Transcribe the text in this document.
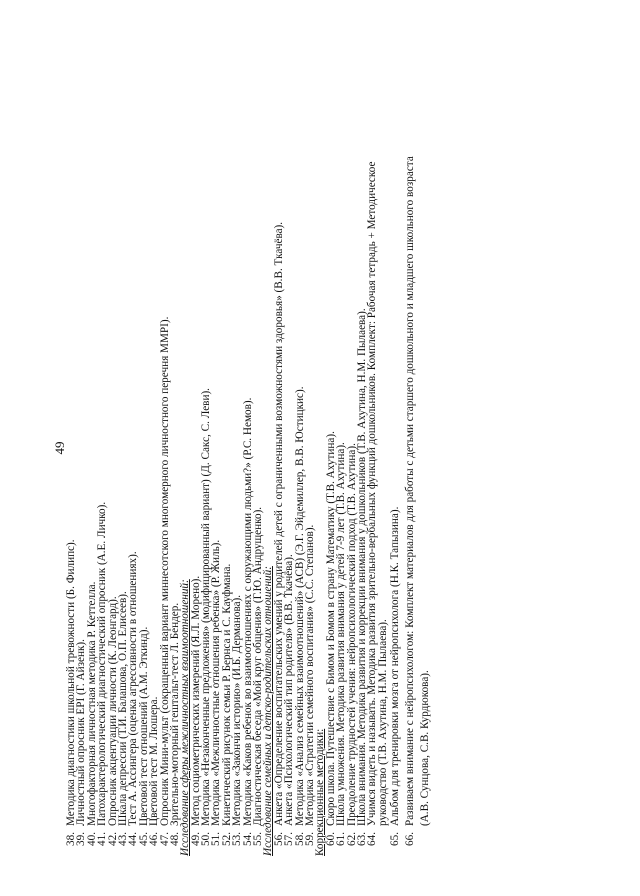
49
38.
Методика диагностики школьной тревожности (Б. Филипс).
39.
Личностный опросник EPI (Г. Айзенк).
40.
Многофакторная личностная методика Р. Кеттелла.
41.
Патохарактерологический диагностический опросник (А.Е. Личко).
42.
Опросник акцентуации личности (К. Леонгард).
43.
Шкала депрессии (Т.И. Балашова, О.П. Елисеев).
44.
Тест А. Ассингера (оценка агрессивности в отношениях).
45.
Цветовой тест отношений (А.М. Эткинд).
46.
Цветовой тест М. Люшера.
47.
Опросник Мини-мульт (сокращенный вариант миннесотского многомерного личностного перечня MMPI).
48.
Зрительно-моторный гештальт-тест Л. Бендер.
Исследование сферы межличностных взаимоотношений:
49.
Метод социометрических измерений (Я.Л. Морено).
50.
Методика «Незаконченные предложения» (модифицированный вариант) (Д. Сакс, С. Леви).
51.
Методика «Межличностные отношения ребенка» (Р. Жиль).
52.
Кинетический рисунок семьи Р. Бернса и С. Кауфмана.
53.
Методика «Закончи историю» (И.Б. Дерманова).
54.
Методика «Каков ребенок во взаимоотношениях с окружающими людьми?» (Р.С. Немов).
55.
Диагностическая беседа «Мой круг общения» (Г.Ю. Андрущенко).
Исследование семейных и детско-родительских отношений:
56.
Анкета «Определение воспитательских умений у родителей детей с ограниченными возможностями здоровья» (В.В. Ткачёва).
57.
Анкета «Психологический тип родителя» (В.В. Ткачёва).
58.
Методика «Анализ семейных взаимоотношений» (АСВ) (Э.Г. Эйдемиллер, В.В. Юстицкис).
59.
Методика «Стратегии семейного воспитания» (С.С. Степанов).
Коррекционные методики:
60.
Скоро школа. Путешествие с Бимом и Бомом в страну Математику (Т.В. Ахутина).
61.
Школа умножения. Методика развития внимания у детей 7-9 лет (Т.В. Ахутина).
62.
Преодоление трудностей учения: нейропсихологический подход (Т.В. Ахутина).
63.
Школа внимания. Методика развития и коррекции внимания у дошкольников (Т.В. Ахутина, Н.М. Пылаева).
64.
Учимся видеть и называть. Методика развития зрительно-вербальных функций дошкольников. Комплект: Рабочая тетрадь + Методическое
руководство (Т.В. Ахутина, Н.М. Пылаева).
65.
Альбом для тренировки мозга от нейропсихолога (Н.К. Тапызина).
66.
Развиваем внимание с нейропсихологом: Комплект материалов для работы с детьми старшего дошкольного и младшего школьного возраста (А.В. Сунцова, С.В. Курдюкова).
